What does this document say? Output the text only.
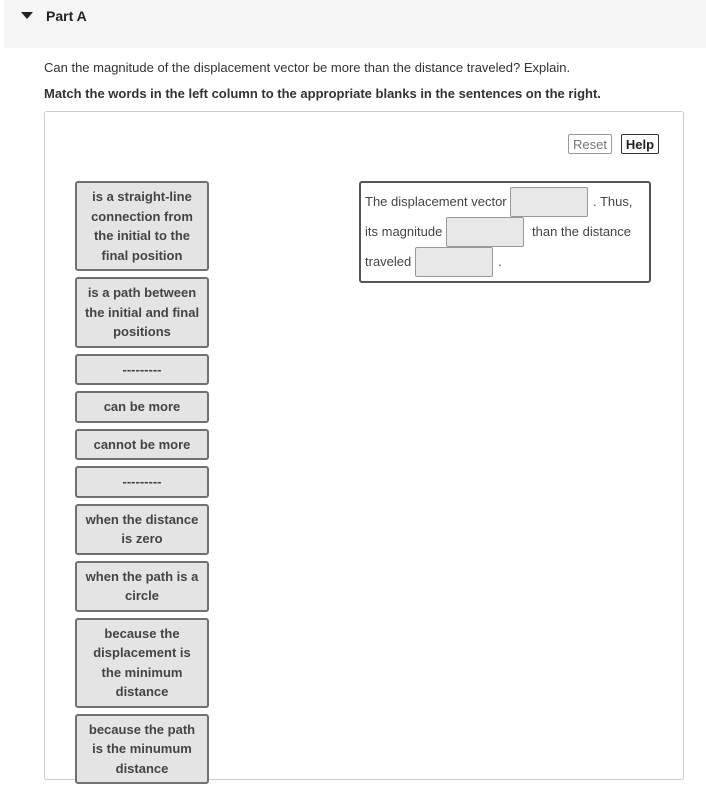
Part A
Can the magnitude of the displacement vector be more than the distance traveled? Explain.
Match the words in the left column to the appropriate blanks in the sentences on the right.
Reset	Help
is a straight-line connection from the initial to the final position
is a path between the initial and final positions
---------
can be more
cannot be more
---------
when the distance is zero
when the path is a circle
because the displacement is the minimum distance
because the path is the minumum distance
The displacement vector	. Thus,
its magnitude	than the distance
traveled	.
